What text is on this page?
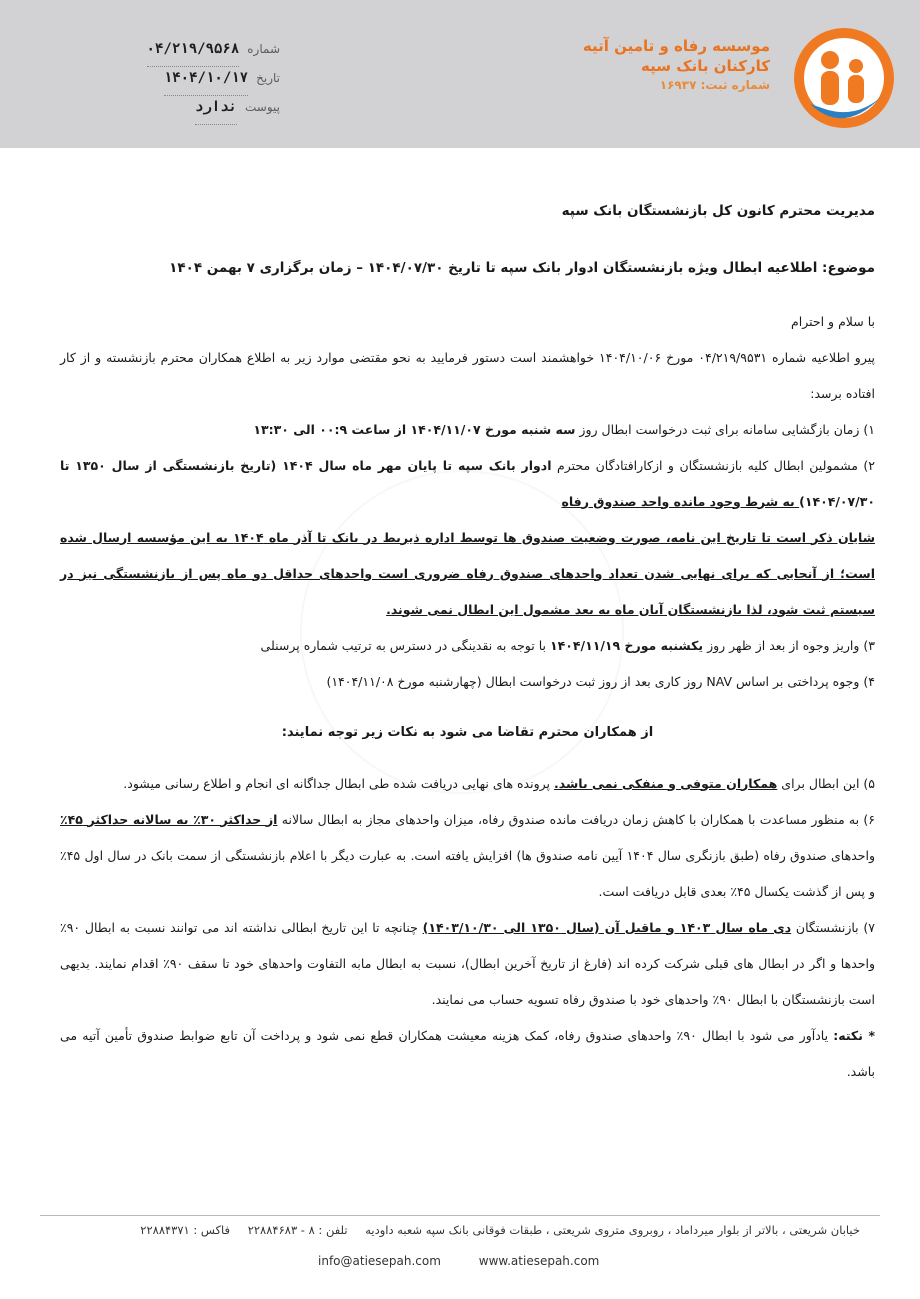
موسسه رفاه و تامین آتیه
کارکنان بانک سپه
شماره ثبت: ۱۶۹۳۷
شماره
۰۴/۲۱۹/۹۵۶۸
تاریخ
۱۴۰۴/۱۰/۱۷
پیوست
ندارد

مدیریت محترم کانون کل بازنشستگان بانک سپه

موضوع: اطلاعیه ابطال ویژه بازنشستگان ادوار بانک سپه تا تاریخ ۱۴۰۴/۰۷/۳۰ – زمان برگزاری ۷ بهمن ۱۴۰۴

با سلام و احترام

پیرو اطلاعیه شماره ۰۴/۲۱۹/۹۵۳۱ مورخ ۱۴۰۴/۱۰/۰۶ خواهشمند است دستور فرمایید به نحو مقتضی موارد زیر به اطلاع همکاران محترم بازنشسته و از کار افتاده برسد:

۱) زمان بازگشایی سامانه برای ثبت درخواست ابطال روز سه شنبه مورخ ۱۴۰۴/۱۱/۰۷ از ساعت ۰۰:۹ الی ۱۳:۳۰

۲) مشمولین ابطال کلیه بازنشستگان و ازکارافتادگان محترم ادوار بانک سپه تا پایان مهر ماه سال ۱۴۰۴ (تاریخ بازنشستگی از سال ۱۳۵۰ تا ۱۴۰۴/۰۷/۳۰) به شرط وجود مانده واحد صندوق رفاه

شایان ذکر است تا تاریخ این نامه، صورت وضعیت صندوق ها توسط اداره ذیربط در بانک تا آذر ماه ۱۴۰۴ به این مؤسسه ارسال شده است؛ از آنجایی که برای نهایی شدن تعداد واحدهای صندوق رفاه ضروری است واحدهای حداقل دو ماه پس از بازنشستگی نیز در سیستم ثبت شود، لذا بازنشستگان آبان ماه به بعد مشمول این ابطال نمی شوند.

۳) واریز وجوه از بعد از ظهر روز یکشنبه مورخ ۱۴۰۴/۱۱/۱۹ با توجه به نقدینگی در دسترس به ترتیب شماره پرسنلی

۴) وجوه پرداختی بر اساس NAV روز کاری بعد از روز ثبت درخواست ابطال (چهارشنبه مورخ ۱۴۰۴/۱۱/۰۸)

از همکاران محترم تقاضا می شود به نکات زیر توجه نمایند:

۵) این ابطال برای همکاران متوفی و منفکی نمی باشد. پرونده های نهایی دریافت شده طی ابطال جداگانه ای انجام و اطلاع رسانی میشود.

۶) به منظور مساعدت با همکاران با کاهش زمان دریافت مانده صندوق رفاه، میزان واحدهای مجاز به ابطال سالانه از حداکثر ۳۰٪ به سالانه حداکثر ۴۵٪ واحدهای صندوق رفاه (طبق بازنگری سال ۱۴۰۴ آیین نامه صندوق ها) افزایش یافته است. به عبارت دیگر با اعلام بازنشستگی از سمت بانک در سال اول ۴۵٪ و پس از گذشت یکسال ۴۵٪ بعدی قابل دریافت است.

۷) بازنشستگان دی ماه سال ۱۴۰۳ و ماقبل آن (سال ۱۳۵۰ الی ۱۴۰۳/۱۰/۳۰) چنانچه تا این تاریخ ابطالی نداشته اند می توانند نسبت به ابطال ۹۰٪ واحدها و اگر در ابطال های قبلی شرکت کرده اند (فارغ از تاریخ آخرین ابطال)، نسبت به ابطال مابه التفاوت واحدهای خود تا سقف ۹۰٪ اقدام نمایند. بدیهی است بازنشستگان با ابطال ۹۰٪ واحدهای خود با صندوق رفاه تسویه حساب می نمایند.

* نکته: یادآور می شود با ابطال ۹۰٪ واحدهای صندوق رفاه، کمک هزینه معیشت همکاران قطع نمی شود و پرداخت آن تابع ضوابط صندوق تأمین آتیه می باشد.

خیابان شریعتی ، بالاتر از بلوار میرداماد ، روبروی متروی شریعتی ، طبقات فوقانی بانک سپه شعبه داودیه تلفن : ۸ - ۲۲۸۸۴۶۸۳ فاکس : ۲۲۸۸۴۳۷۱
info@atiesepah.com	www.atiesepah.com
